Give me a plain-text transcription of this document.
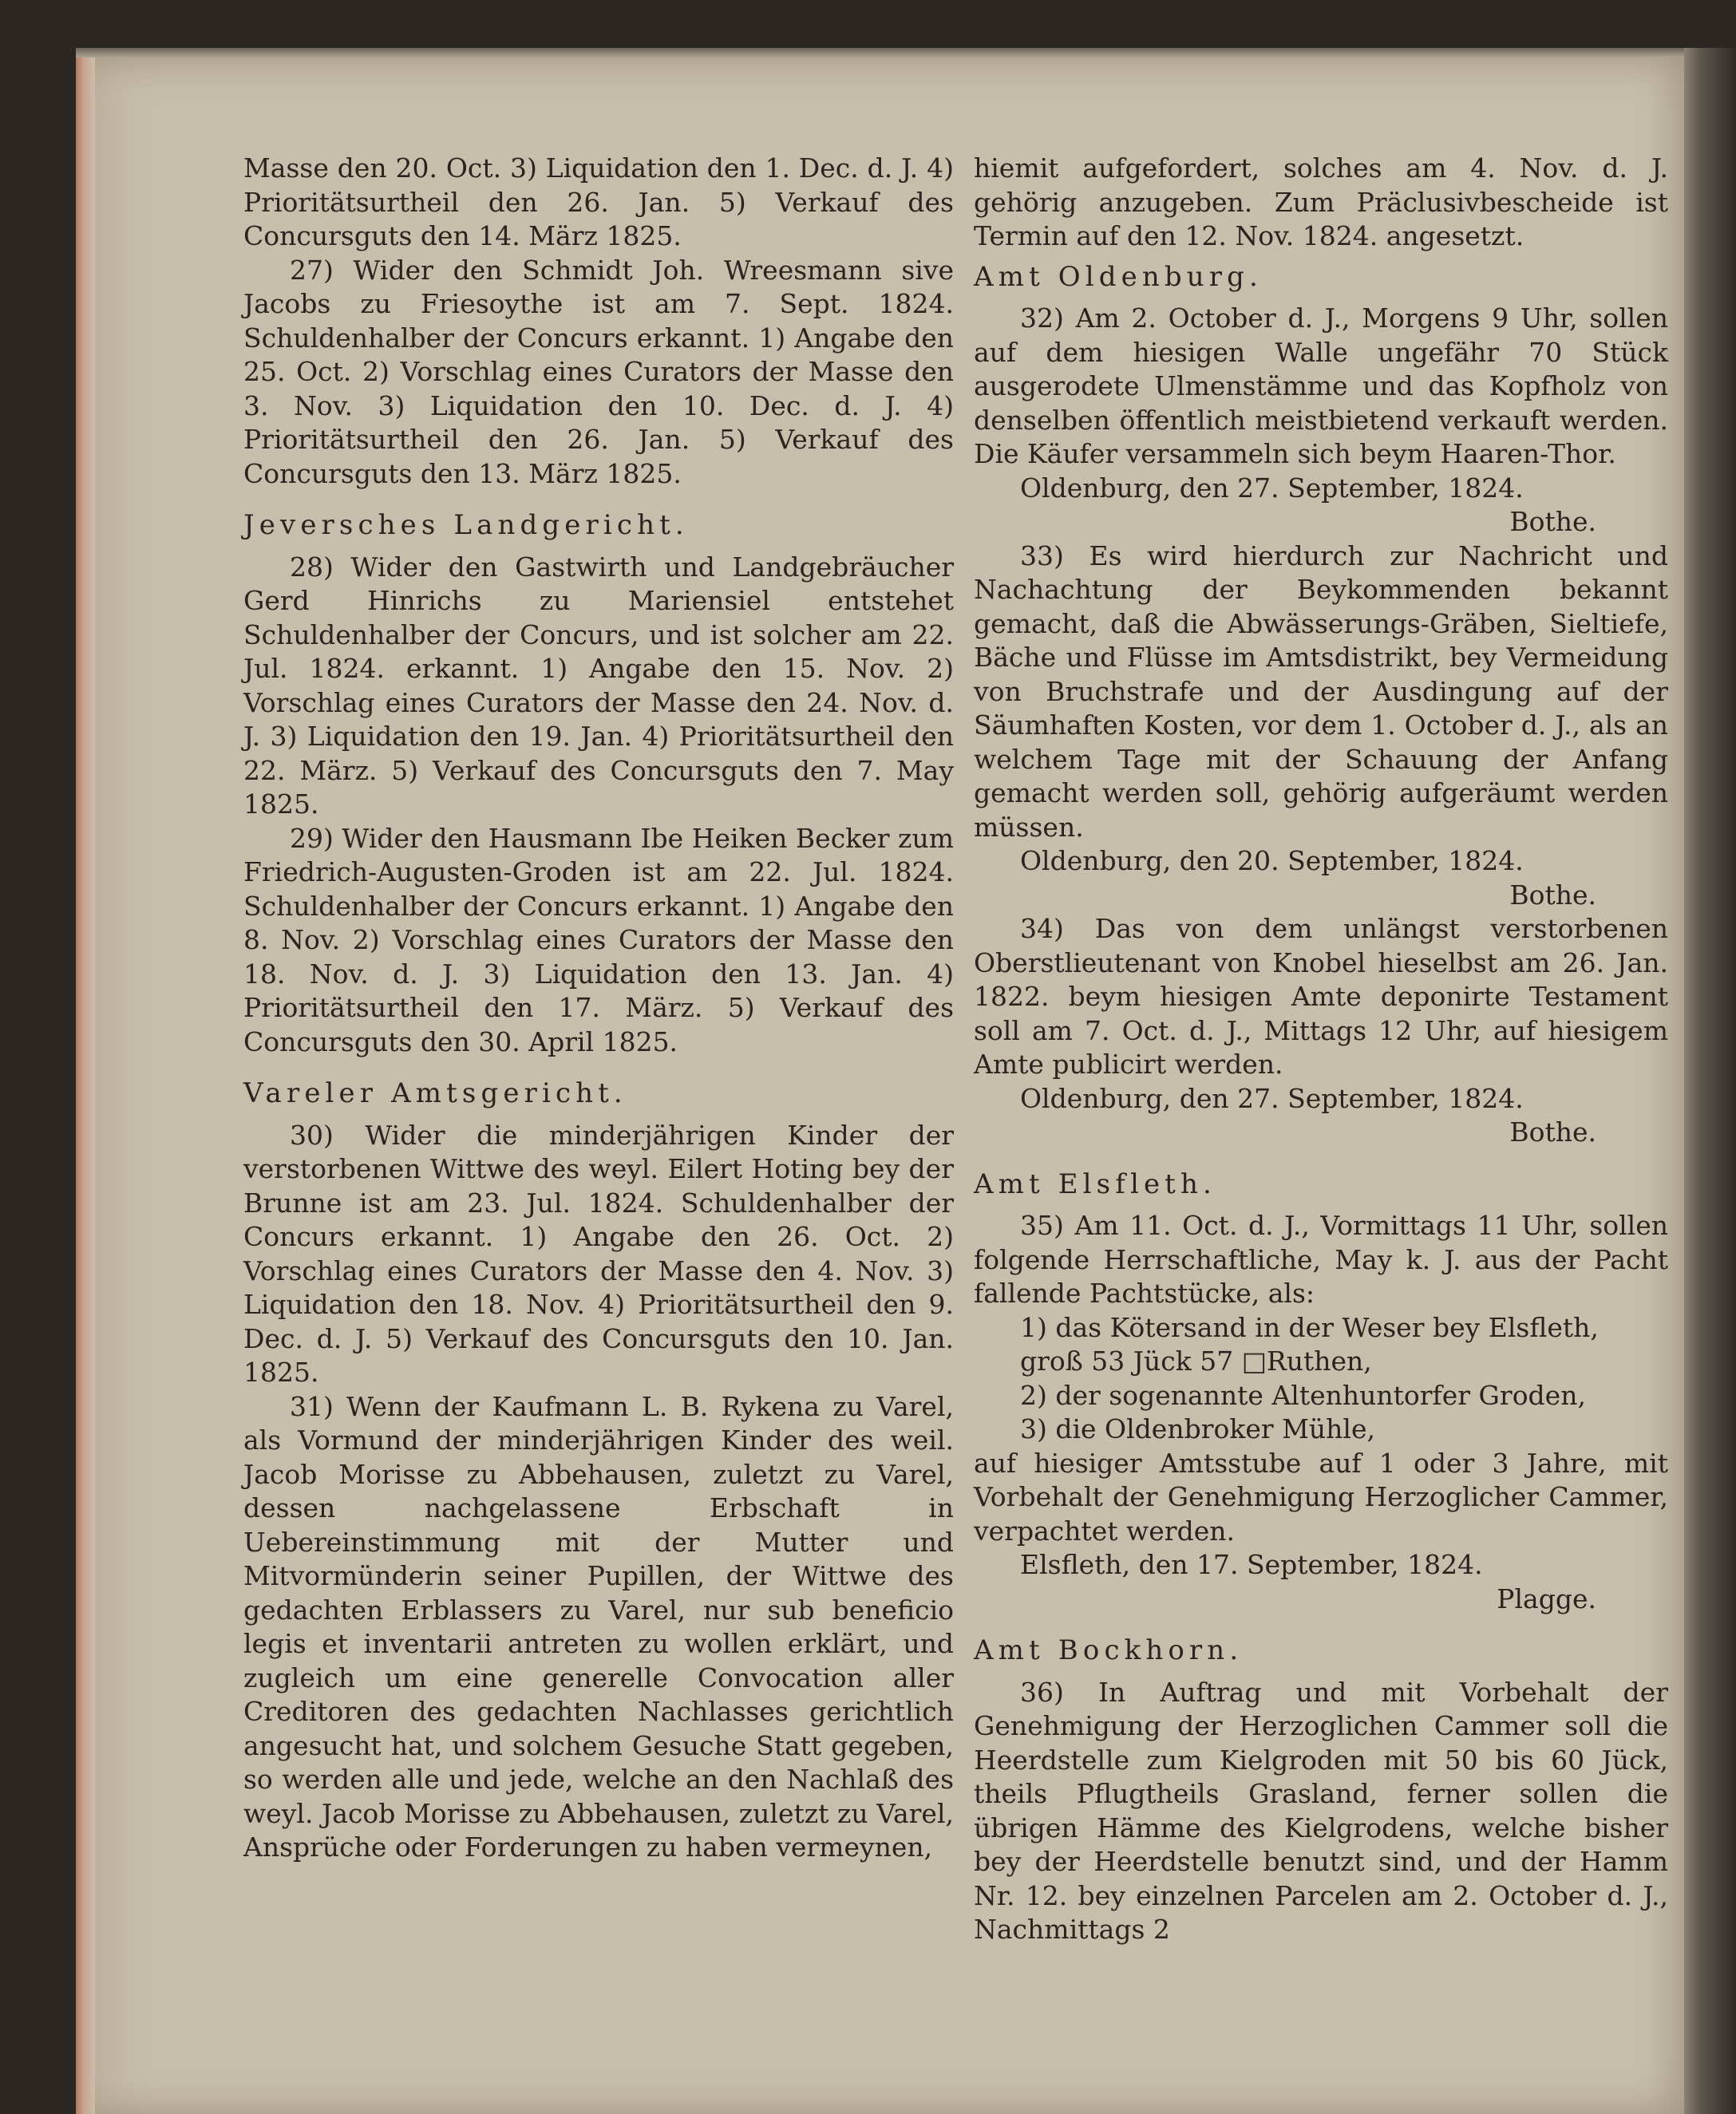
Masse den 20. Oct. 3) Liquidation den 1. Dec. d. J. 4) Prioritätsurtheil den 26. Jan. 5) Verkauf des Concursguts den 14. März 1825.

27) Wider den Schmidt Joh. Wreesmann sive Jacobs zu Friesoythe ist am 7. Sept. 1824. Schuldenhalber der Concurs erkannt. 1) Angabe den 25. Oct. 2) Vorschlag eines Curators der Masse den 3. Nov. 3) Liquidation den 10. Dec. d. J. 4) Prioritätsurtheil den 26. Jan. 5) Verkauf des Concursguts den 13. März 1825.

Jeversches Landgericht.

28) Wider den Gastwirth und Landgebräucher Gerd Hinrichs zu Mariensiel entstehet Schuldenhalber der Concurs, und ist solcher am 22. Jul. 1824. erkannt. 1) Angabe den 15. Nov. 2) Vorschlag eines Curators der Masse den 24. Nov. d. J. 3) Liquidation den 19. Jan. 4) Prioritätsurtheil den 22. März. 5) Verkauf des Concursguts den 7. May 1825.

29) Wider den Hausmann Ibe Heiken Becker zum Friedrich-Augusten-Groden ist am 22. Jul. 1824. Schuldenhalber der Concurs erkannt. 1) Angabe den 8. Nov. 2) Vorschlag eines Curators der Masse den 18. Nov. d. J. 3) Liquidation den 13. Jan. 4) Prioritätsurtheil den 17. März. 5) Verkauf des Concursguts den 30. April 1825.

Vareler Amtsgericht.

30) Wider die minderjährigen Kinder der verstorbenen Wittwe des weyl. Eilert Hoting bey der Brunne ist am 23. Jul. 1824. Schuldenhalber der Concurs erkannt. 1) Angabe den 26. Oct. 2) Vorschlag eines Curators der Masse den 4. Nov. 3) Liquidation den 18. Nov. 4) Prioritätsurtheil den 9. Dec. d. J. 5) Verkauf des Concursguts den 10. Jan. 1825.

31) Wenn der Kaufmann L. B. Rykena zu Varel, als Vormund der minderjährigen Kinder des weil. Jacob Morisse zu Abbehausen, zuletzt zu Varel, dessen nachgelassene Erbschaft in Uebereinstimmung mit der Mutter und Mitvormünderin seiner Pupillen, der Wittwe des gedachten Erblassers zu Varel, nur sub beneficio legis et inventarii antreten zu wollen erklärt, und zugleich um eine generelle Convocation aller Creditoren des gedachten Nachlasses gerichtlich angesucht hat, und solchem Gesuche Statt gegeben, so werden alle und jede, welche an den Nachlaß des weyl. Jacob Morisse zu Abbehausen, zuletzt zu Varel, Ansprüche oder Forderungen zu haben vermeynen,

hiemit aufgefordert, solches am 4. Nov. d. J. gehörig anzugeben. Zum Präclusivbescheide ist Termin auf den 12. Nov. 1824. angesetzt.

Amt Oldenburg.

32) Am 2. October d. J., Morgens 9 Uhr, sollen auf dem hiesigen Walle ungefähr 70 Stück ausgerodete Ulmenstämme und das Kopfholz von denselben öffentlich meistbietend verkauft werden. Die Käufer versammeln sich beym Haaren-Thor.

Oldenburg, den 27. September, 1824.

Bothe.

33) Es wird hierdurch zur Nachricht und Nachachtung der Beykommenden bekannt gemacht, daß die Abwässerungs-Gräben, Sieltiefe, Bäche und Flüsse im Amtsdistrikt, bey Vermeidung von Bruchstrafe und der Ausdingung auf der Säumhaften Kosten, vor dem 1. October d. J., als an welchem Tage mit der Schauung der Anfang gemacht werden soll, gehörig aufgeräumt werden müssen.

Oldenburg, den 20. September, 1824.

Bothe.

34) Das von dem unlängst verstorbenen Oberstlieutenant von Knobel hieselbst am 26. Jan. 1822. beym hiesigen Amte deponirte Testament soll am 7. Oct. d. J., Mittags 12 Uhr, auf hiesigem Amte publicirt werden.

Oldenburg, den 27. September, 1824.

Bothe.

Amt Elsfleth.

35) Am 11. Oct. d. J., Vormittags 11 Uhr, sollen folgende Herrschaftliche, May k. J. aus der Pacht fallende Pachtstücke, als:

1) das Kötersand in der Weser bey Elsfleth,

groß 53 Jück 57 □Ruthen,

2) der sogenannte Altenhuntorfer Groden,

3) die Oldenbroker Mühle,

auf hiesiger Amtsstube auf 1 oder 3 Jahre, mit Vorbehalt der Genehmigung Herzoglicher Cammer, verpachtet werden.

Elsfleth, den 17. September, 1824.

Plagge.

Amt Bockhorn.

36) In Auftrag und mit Vorbehalt der Genehmigung der Herzoglichen Cammer soll die Heerdstelle zum Kielgroden mit 50 bis 60 Jück, theils Pflugtheils Grasland, ferner sollen die übrigen Hämme des Kielgrodens, welche bisher bey der Heerdstelle benutzt sind, und der Hamm Nr. 12. bey einzelnen Parcelen am 2. October d. J., Nachmittags 2
